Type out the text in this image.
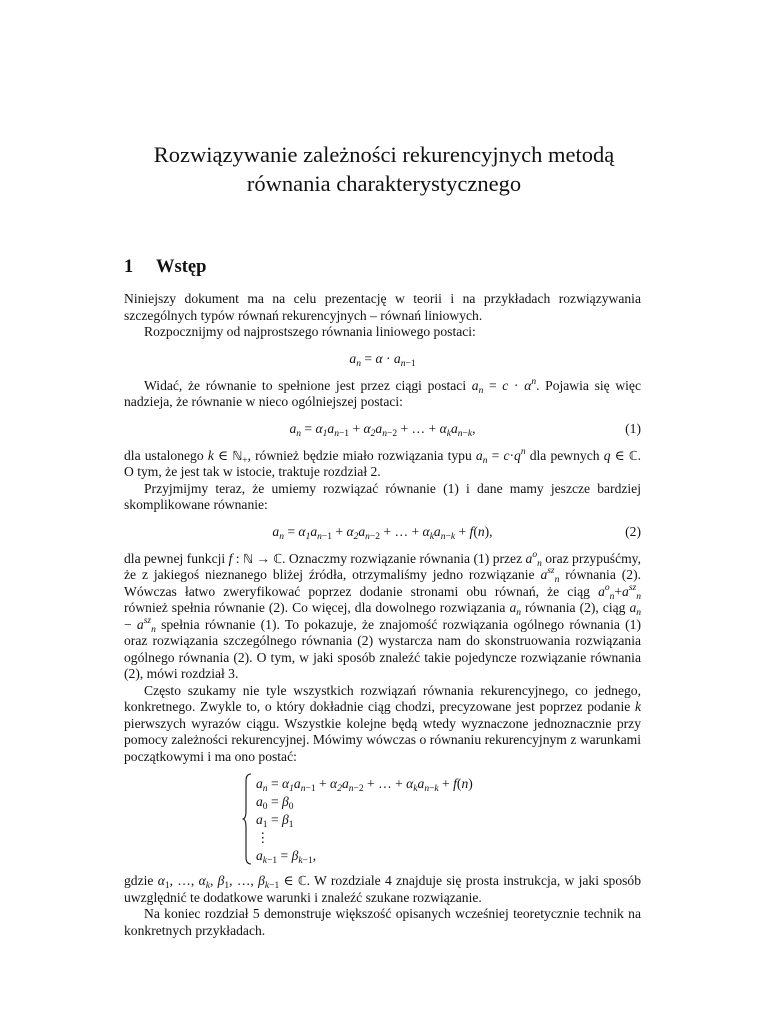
Rozwiązywanie zależności rekurencyjnych metodą
równania charakterystycznego
1 Wstęp

Niniejszy dokument ma na celu prezentację w teorii i na przykładach rozwiązywania szczególnych typów równań rekurencyjnych – równań liniowych.

Rozpocznijmy od najprostszego równania liniowego postaci:

$a_n = \alpha \cdot a_{n-1}$

Widać, że równanie to spełnione jest przez ciągi postaci $a_n = c \cdot \alpha^n$. Pojawia się więc nadzieja, że równanie w nieco ogólniejszej postaci:

$a_n = \alpha_1a_{n-1} + \alpha_2a_{n-2}$ + … + $\alpha_ka_{n-k}$,	(1)

dla ustalonego k ∈ ℕ$_+$, również będzie miało rozwiązania typu $a_n = c\cdot q^n$ dla pewnych q ∈ ℂ. O tym, że jest tak w istocie, traktuje rozdział 2.

Przyjmijmy teraz, że umiemy rozwiązać równanie (1) i dane mamy jeszcze bardziej skomplikowane równanie:

$a_n = \alpha_1a_{n-1} + \alpha_2a_{n-2}$ + … + $\alpha_ka_{n-k} + f(n)$,	(2)

dla pewnej funkcji f : ℕ → ℂ. Oznaczmy rozwiązanie równania (1) przez $a^o_n$ oraz przypuśćmy, że z jakiegoś nieznanego bliżej źródła, otrzymaliśmy jedno rozwiązanie $a^{sz}_n$ równania (2). Wówczas łatwo zweryfikować poprzez dodanie stronami obu równań, że ciąg $a^o_n+a^{sz}_n$ również spełnia równanie (2). Co więcej, dla dowolnego rozwiązania $a_n$ równania (2), ciąg $a_n - a^{sz}_n$ spełnia równanie (1). To pokazuje, że znajomość rozwiązania ogólnego równania (1) oraz rozwiązania szczególnego równania (2) wystarcza nam do skonstruowania rozwiązania ogólnego równania (2). O tym, w jaki sposób znaleźć takie pojedyncze rozwiązanie równania (2), mówi rozdział 3.

Często szukamy nie tyle wszystkich rozwiązań równania rekurencyjnego, co jednego, konkretnego. Zwykle to, o który dokładnie ciąg chodzi, precyzowane jest poprzez podanie k pierwszych wyrazów ciągu. Wszystkie kolejne będą wtedy wyznaczone jednoznacznie przy pomocy zależności rekurencyjnej. Mówimy wówczas o równaniu rekurencyjnym z warunkami początkowymi i ma ono postać:

$a_n = \alpha_1a_{n-1} + \alpha_2a_{n-2}$ + … + $\alpha_ka_{n-k} + f(n)$
$a_0 = \beta_0$
$a_1 = \beta_1$
⋮
$a_{k-1} = \beta_{k-1}$,

gdzie $\alpha_1$, …, $\alpha_k$, $\beta_1$, …, $\beta_{k-1}$ ∈ ℂ. W rozdziale 4 znajduje się prosta instrukcja, w jaki sposób uwzględnić te dodatkowe warunki i znaleźć szukane rozwiązanie.

Na koniec rozdział 5 demonstruje większość opisanych wcześniej teoretycznie technik na konkretnych przykładach.
